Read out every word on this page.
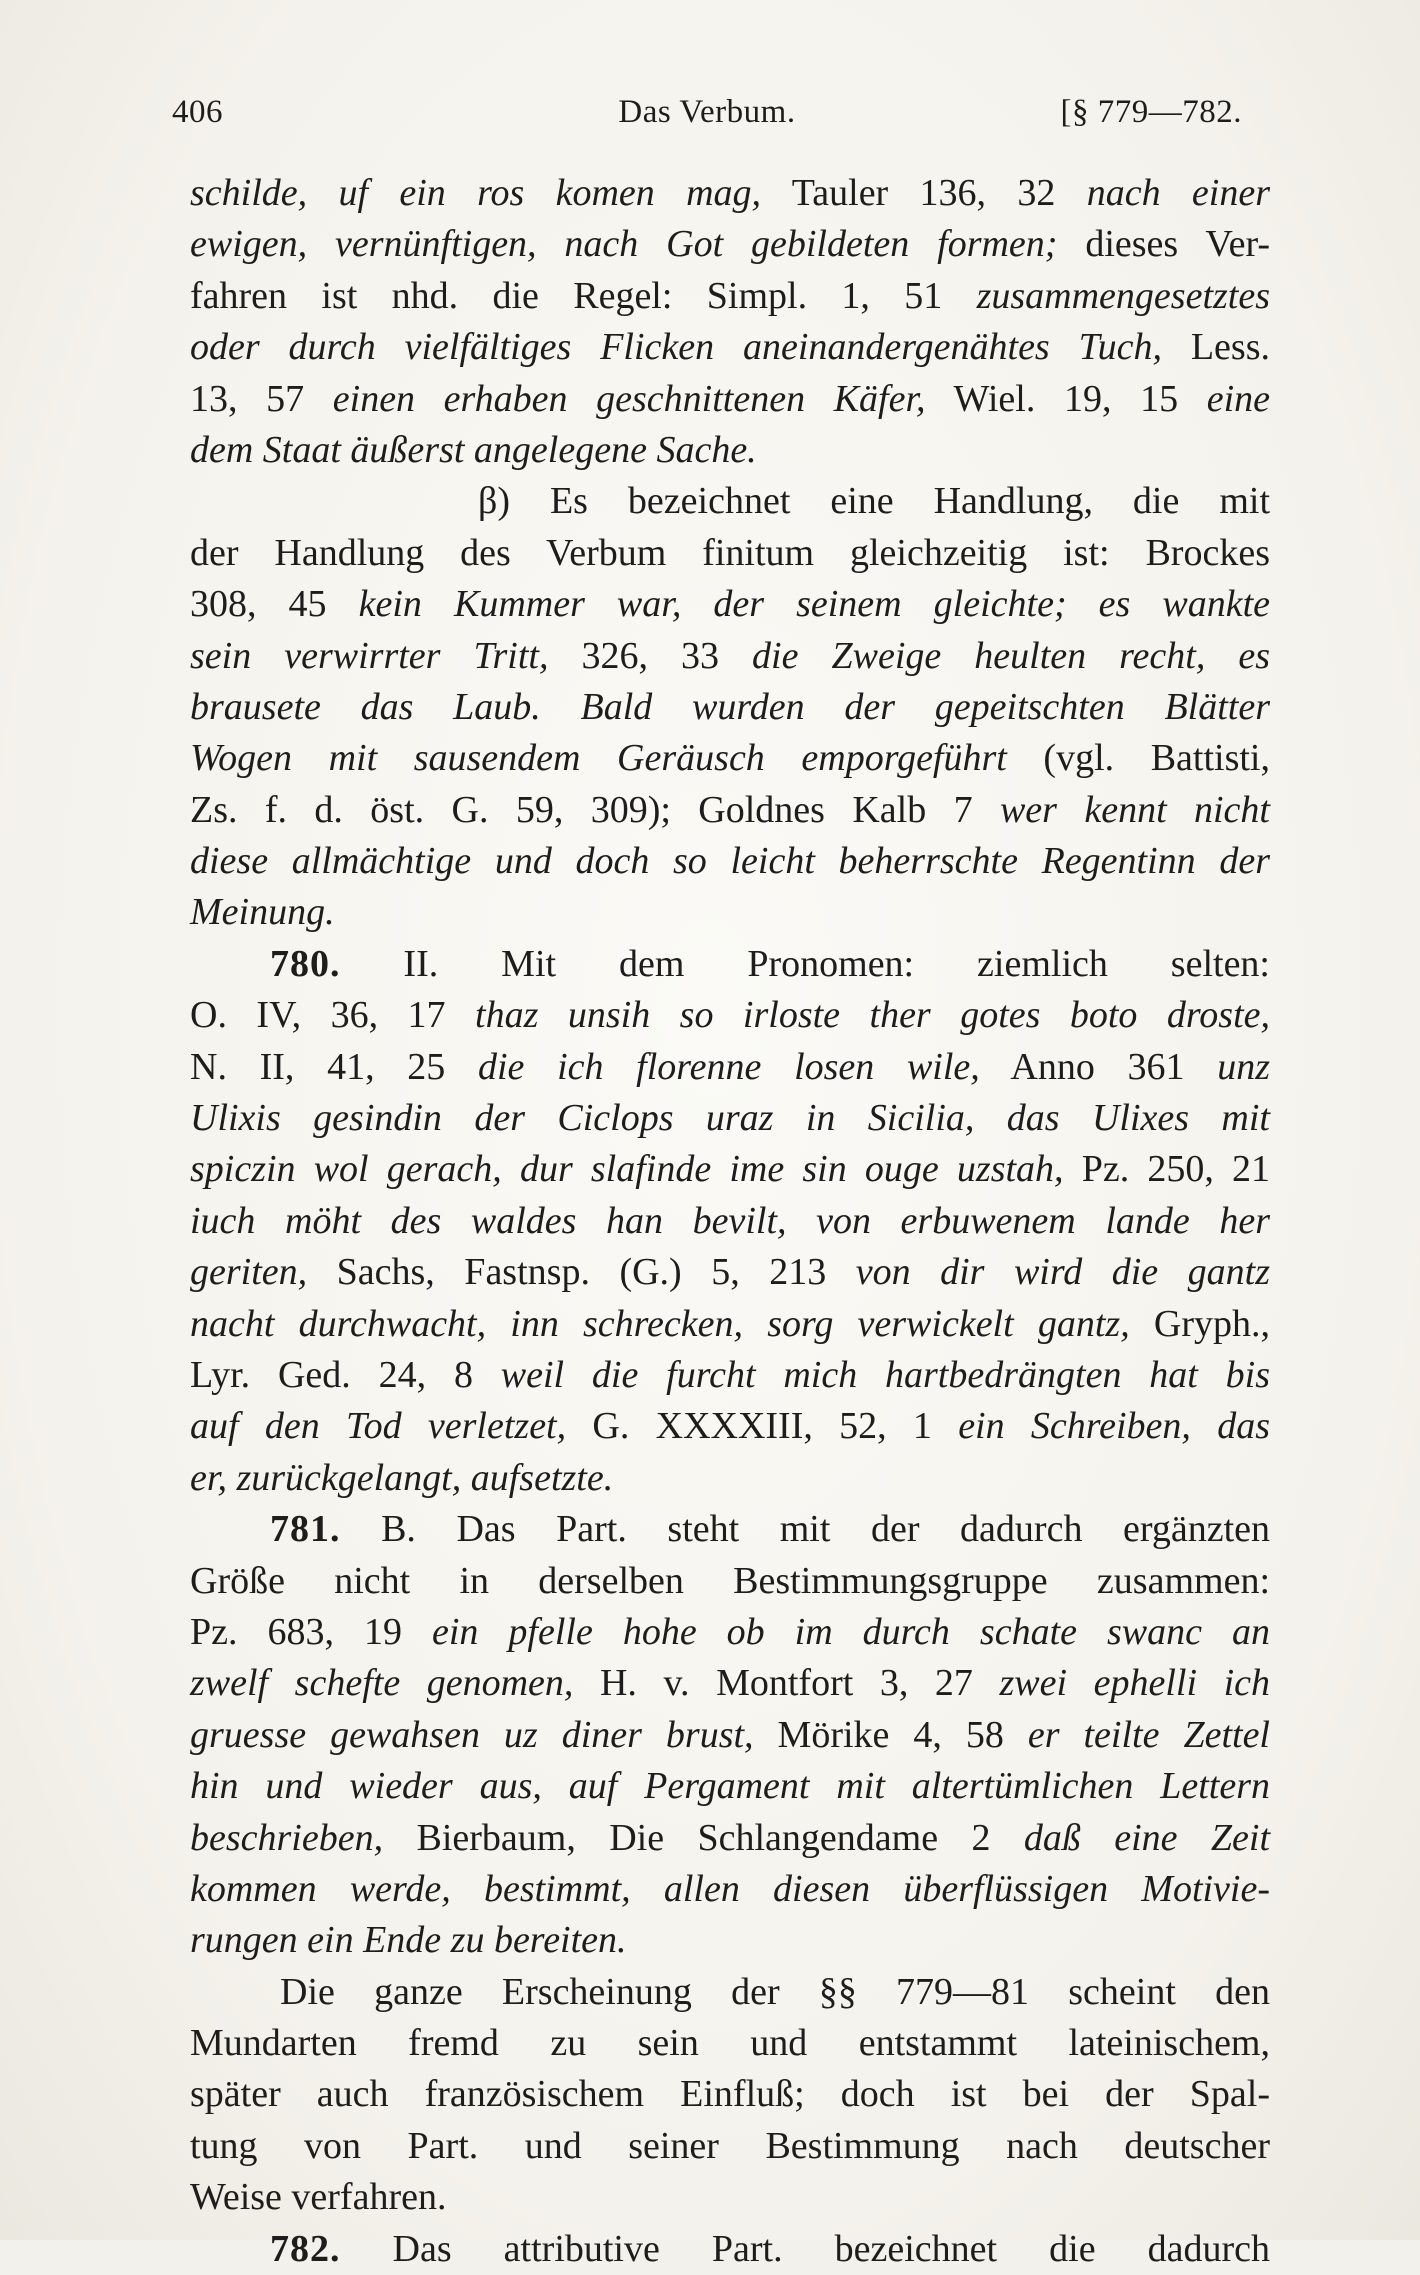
406	Das Verbum.	[§ 779—782.
schilde, uf ein ros komen mag, Tauler 136, 32 nach einer
ewigen, vernünftigen, nach Got gebildeten formen; dieses Ver-
fahren ist nhd. die Regel: Simpl. 1, 51 zusammengesetztes
oder durch vielfältiges Flicken aneinandergenähtes Tuch, Less.
13, 57 einen erhaben geschnittenen Käfer, Wiel. 19, 15 eine
dem Staat äußerst angelegene Sache.
β) Es bezeichnet eine Handlung, die mit
der Handlung des Verbum finitum gleichzeitig ist: Brockes
308, 45 kein Kummer war, der seinem gleichte; es wankte
sein verwirrter Tritt, 326, 33 die Zweige heulten recht, es
brausete das Laub. Bald wurden der gepeitschten Blätter
Wogen mit sausendem Geräusch emporgeführt (vgl. Battisti,
Zs. f. d. öst. G. 59, 309); Goldnes Kalb 7 wer kennt nicht
diese allmächtige und doch so leicht beherrschte Regentinn der
Meinung.
780. II. Mit dem Pronomen: ziemlich selten:
O. IV, 36, 17 thaz unsih so irloste ther gotes boto droste,
N. II, 41, 25 die ich florenne losen wile, Anno 361 unz
Ulixis gesindin der Ciclops uraz in Sicilia, das Ulixes mit
spiczin wol gerach, dur slafinde ime sin ouge uzstah, Pz. 250, 21
iuch möht des waldes han bevilt, von erbuwenem lande her
geriten, Sachs, Fastnsp. (G.) 5, 213 von dir wird die gantz
nacht durchwacht, inn schrecken, sorg verwickelt gantz, Gryph.,
Lyr. Ged. 24, 8 weil die furcht mich hartbedrängten hat bis
auf den Tod verletzet, G. XXXXIII, 52, 1 ein Schreiben, das
er, zurückgelangt, aufsetzte.
781. B. Das Part. steht mit der dadurch ergänzten
Größe nicht in derselben Bestimmungsgruppe zusammen:
Pz. 683, 19 ein pfelle hohe ob im durch schate swanc an
zwelf schefte genomen, H. v. Montfort 3, 27 zwei ephelli ich
gruesse gewahsen uz diner brust, Mörike 4, 58 er teilte Zettel
hin und wieder aus, auf Pergament mit altertümlichen Lettern
beschrieben, Bierbaum, Die Schlangendame 2 daß eine Zeit
kommen werde, bestimmt, allen diesen überflüssigen Motivie-
rungen ein Ende zu bereiten.
Die ganze Erscheinung der §§ 779—81 scheint den
Mundarten fremd zu sein und entstammt lateinischem,
später auch französischem Einfluß; doch ist bei der Spal-
tung von Part. und seiner Bestimmung nach deutscher
Weise verfahren.
782. Das attributive Part. bezeichnet die dadurch
